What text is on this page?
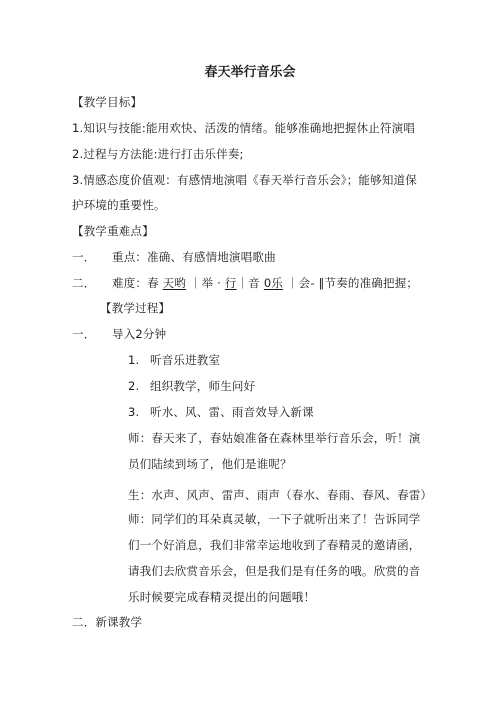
春天举行音乐会
【教学目标】
1.知识与技能:能用欢快、活泼的情绪。能够准确地把握休止符演唱
2.过程与方法能:进行打击乐伴奏;
3.情感态度价值观：有感情地演唱《春天举行音乐会》；能够知道保
护环境的重要性。
【教学重难点】
一． 重点：准确、有感情地演唱歌曲
二． 难度：春 天哟 ｜举 · 行｜音 0乐 ｜会- ‖节奏的准确把握；
【教学过程】
一． 导入2分钟
1. 听音乐进教室
2. 组织教学，师生问好
3. 听水、风、雷、雨音效导入新课
师：春天来了，春姑娘准备在森林里举行音乐会，听！演
员们陆续到场了，他们是谁呢？
生：水声、风声、雷声、雨声（春水、春雨、春风、春雷）
师：同学们的耳朵真灵敏，一下子就听出来了！告诉同学
们一个好消息，我们非常幸运地收到了春精灵的邀请函，
请我们去欣赏音乐会，但是我们是有任务的哦。欣赏的音
乐时候要完成春精灵提出的问题哦！
二．新课教学
